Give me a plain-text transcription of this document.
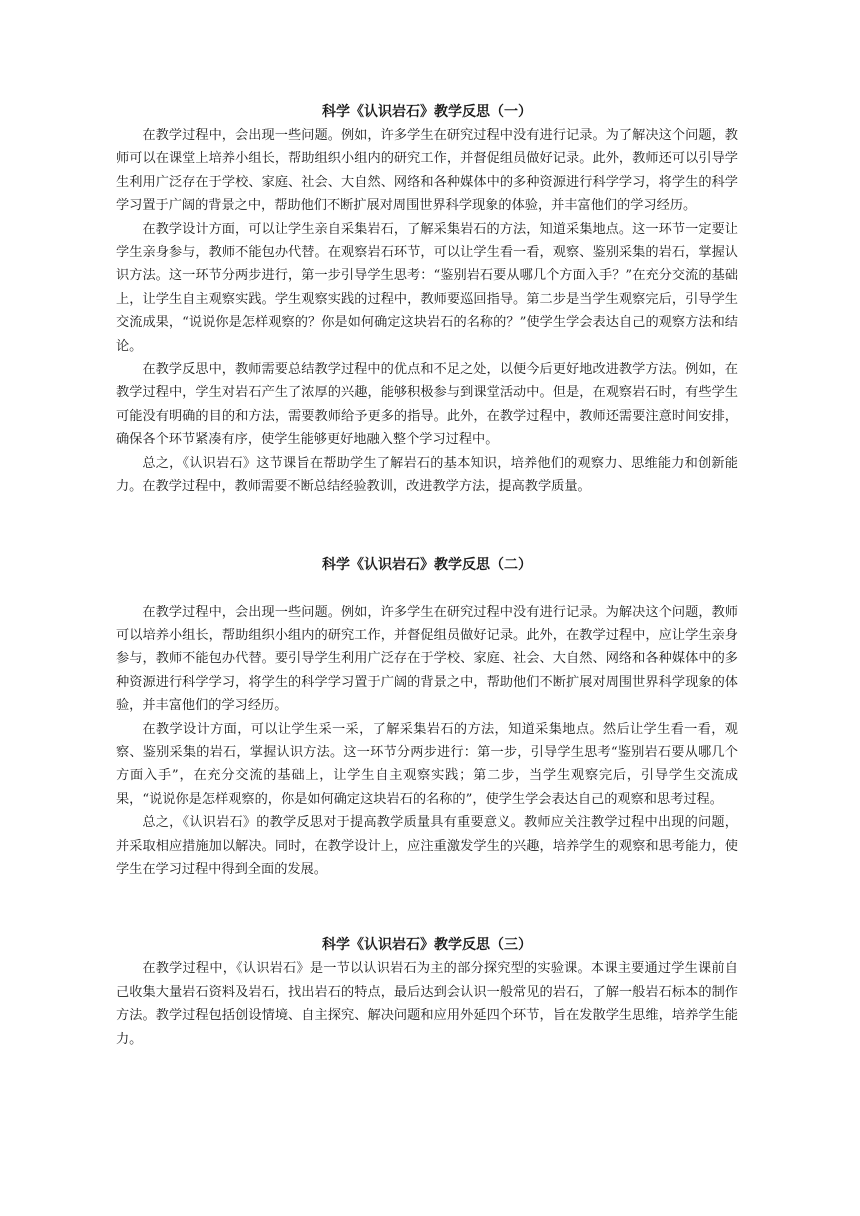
科学《认识岩石》教学反思（一）

在教学过程中，会出现一些问题。例如，许多学生在研究过程中没有进行记录。为了解决这个问题，教师可以在课堂上培养小组长，帮助组织小组内的研究工作，并督促组员做好记录。此外，教师还可以引导学生利用广泛存在于学校、家庭、社会、大自然、网络和各种媒体中的多种资源进行科学学习，将学生的科学学习置于广阔的背景之中，帮助他们不断扩展对周围世界科学现象的体验，并丰富他们的学习经历。

在教学设计方面，可以让学生亲自采集岩石，了解采集岩石的方法，知道采集地点。这一环节一定要让学生亲身参与，教师不能包办代替。在观察岩石环节，可以让学生看一看，观察、鉴别采集的岩石，掌握认识方法。这一环节分两步进行，第一步引导学生思考：“鉴别岩石要从哪几个方面入手？”在充分交流的基础上，让学生自主观察实践。学生观察实践的过程中，教师要巡回指导。第二步是当学生观察完后，引导学生交流成果，“说说你是怎样观察的？你是如何确定这块岩石的名称的？”使学生学会表达自己的观察方法和结论。

在教学反思中，教师需要总结教学过程中的优点和不足之处，以便今后更好地改进教学方法。例如，在教学过程中，学生对岩石产生了浓厚的兴趣，能够积极参与到课堂活动中。但是，在观察岩石时，有些学生可能没有明确的目的和方法，需要教师给予更多的指导。此外，在教学过程中，教师还需要注意时间安排，确保各个环节紧凑有序，使学生能够更好地融入整个学习过程中。

总之，《认识岩石》这节课旨在帮助学生了解岩石的基本知识，培养他们的观察力、思维能力和创新能力。在教学过程中，教师需要不断总结经验教训，改进教学方法，提高教学质量。

科学《认识岩石》教学反思（二）

在教学过程中，会出现一些问题。例如，许多学生在研究过程中没有进行记录。为解决这个问题，教师可以培养小组长，帮助组织小组内的研究工作，并督促组员做好记录。此外，在教学过程中，应让学生亲身参与，教师不能包办代替。要引导学生利用广泛存在于学校、家庭、社会、大自然、网络和各种媒体中的多种资源进行科学学习，将学生的科学学习置于广阔的背景之中，帮助他们不断扩展对周围世界科学现象的体验，并丰富他们的学习经历。

在教学设计方面，可以让学生采一采，了解采集岩石的方法，知道采集地点。然后让学生看一看，观察、鉴别采集的岩石，掌握认识方法。这一环节分两步进行：第一步，引导学生思考“鉴别岩石要从哪几个方面入手”，在充分交流的基础上，让学生自主观察实践；第二步，当学生观察完后，引导学生交流成果，“说说你是怎样观察的，你是如何确定这块岩石的名称的”，使学生学会表达自己的观察和思考过程。

总之，《认识岩石》的教学反思对于提高教学质量具有重要意义。教师应关注教学过程中出现的问题，并采取相应措施加以解决。同时，在教学设计上，应注重激发学生的兴趣，培养学生的观察和思考能力，使学生在学习过程中得到全面的发展。

科学《认识岩石》教学反思（三）

在教学过程中，《认识岩石》是一节以认识岩石为主的部分探究型的实验课。本课主要通过学生课前自己收集大量岩石资料及岩石，找出岩石的特点，最后达到会认识一般常见的岩石，了解一般岩石标本的制作方法。教学过程包括创设情境、自主探究、解决问题和应用外延四个环节，旨在发散学生思维，培养学生能力。
